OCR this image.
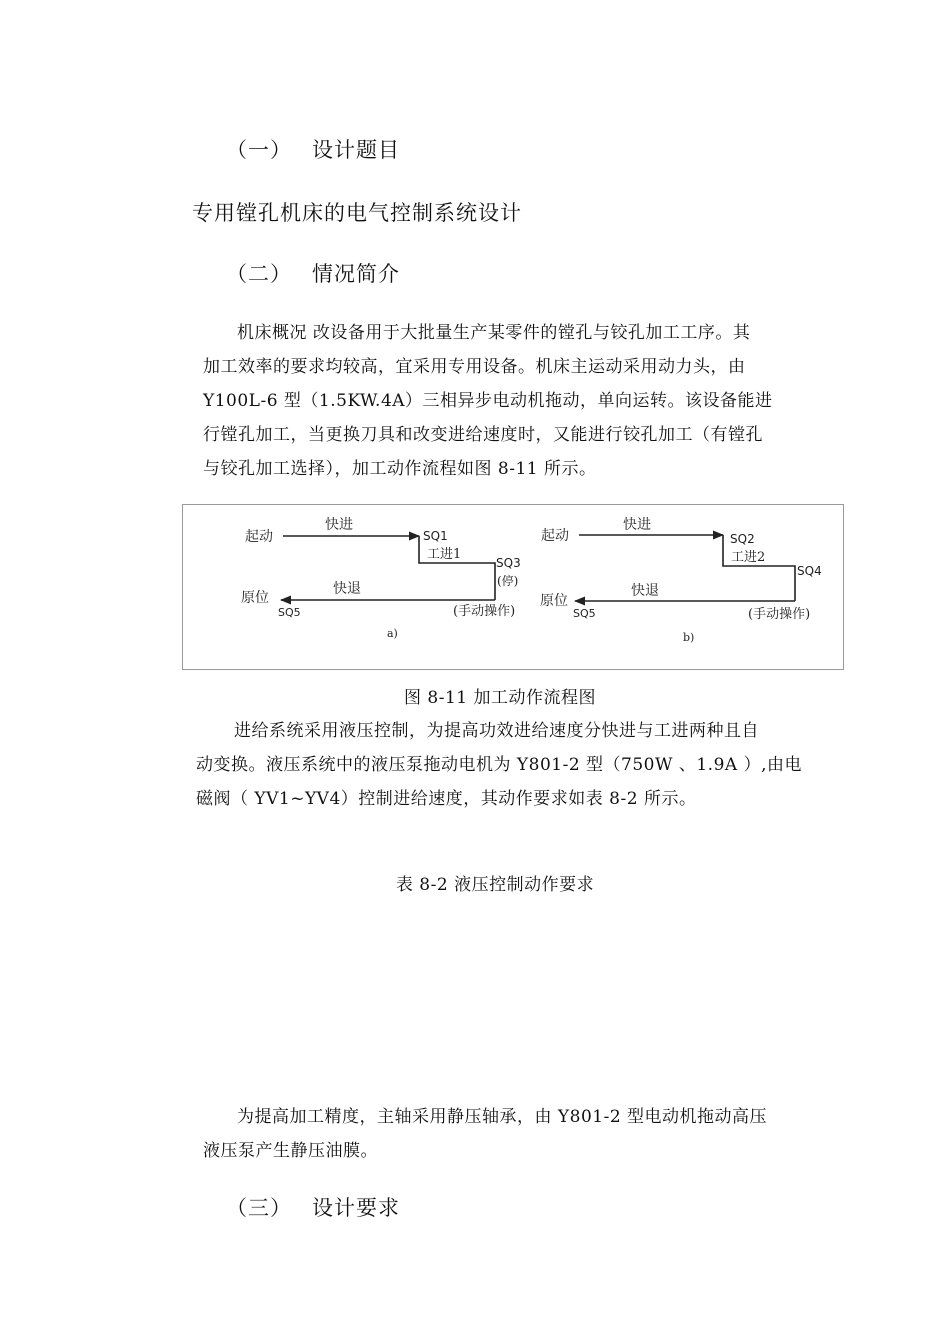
（一） 设计题目
专用镗孔机床的电气控制系统设计
（二） 情况简介
机床概况 改设备用于大批量生产某零件的镗孔与铰孔加工工序。其
加工效率的要求均较高，宜采用专用设备。机床主运动采用动力头，由
Y100L-6 型（1.5KW.4A）三相异步电动机拖动，单向运转。该设备能进
行镗孔加工，当更换刀具和改变进给速度时，又能进行铰孔加工（有镗孔
与铰孔加工选择），加工动作流程如图 8-11 所示。
起动
快进
SQ1
工进1
SQ3
(停)
快退
原位
SQ5	(手动操作)
a)
起动
快进
SQ2
工进2
SQ4
快退
原位
SQ5	(手动操作)
b)
图 8-11 加工动作流程图
进给系统采用液压控制，为提高功效进给速度分快进与工进两种且自
动变换。液压系统中的液压泵拖动电机为 Y801-2 型（750W 、1.9A ）,由电
磁阀（ YV1~YV4）控制进给速度，其动作要求如表 8-2 所示。
表 8-2 液压控制动作要求
为提高加工精度，主轴采用静压轴承，由 Y801-2 型电动机拖动高压
液压泵产生静压油膜。
（三） 设计要求
